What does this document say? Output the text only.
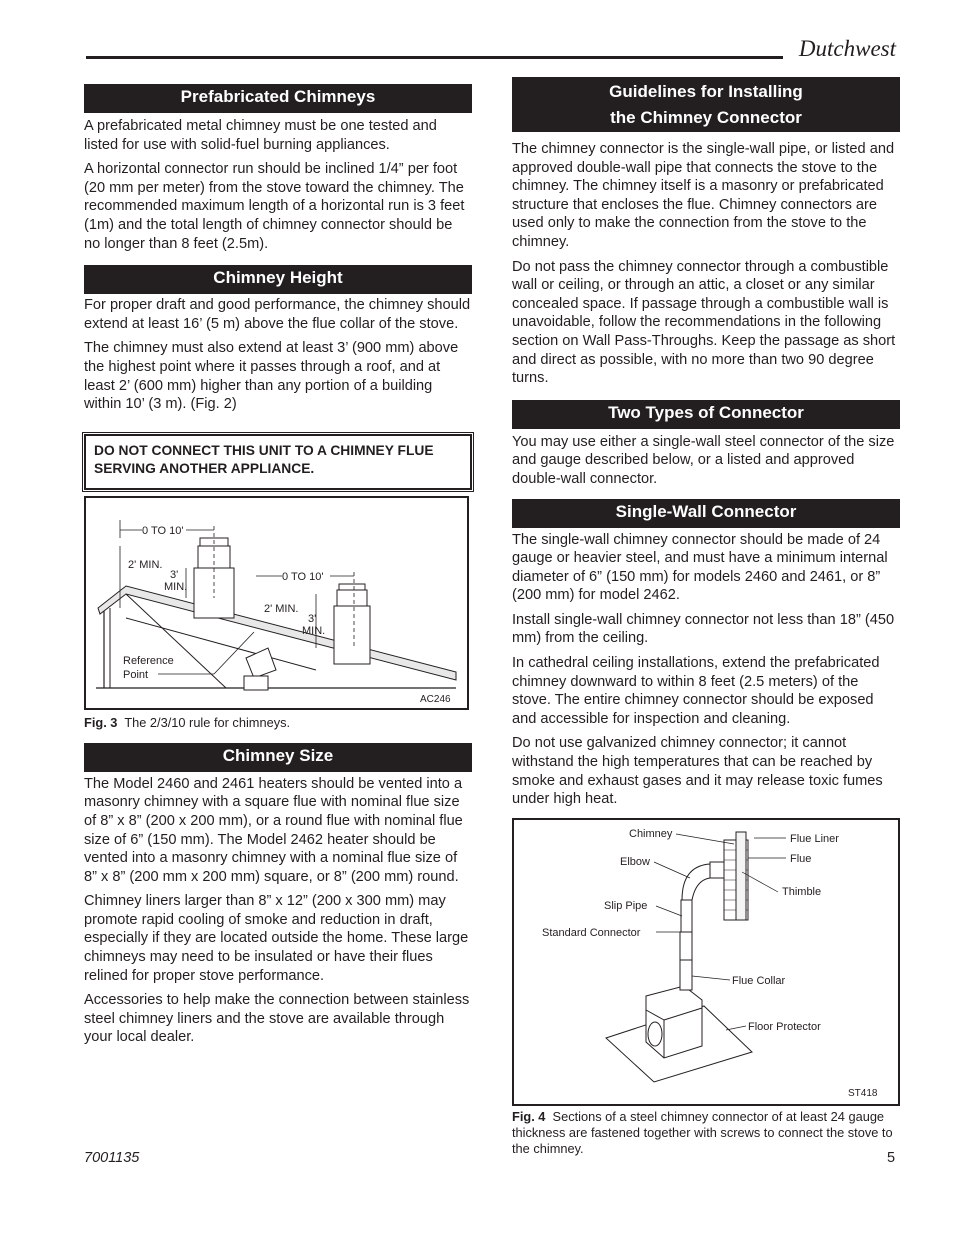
Dutchwest
Prefabricated Chimneys

A prefabricated metal chimney must be one tested and listed for use with solid-fuel burning appliances.

A horizontal connector run should be inclined 1/4” per foot (20 mm per meter) from the stove toward the chimney. The recommended maximum length of a horizontal run is 3 feet (1m) and the total length of chimney connector should be no longer than 8 feet (2.5m).

Chimney Height

For proper draft and good performance, the chimney should extend at least 16’ (5 m) above the flue collar of the stove.

The chimney must also extend at least 3’ (900 mm) above the highest point where it passes through a roof, and at least 2’ (600 mm) higher than any portion of a building within 10’ (3 m). (Fig. 2)

DO NOT CONNECT THIS UNIT TO A CHIMNEY FLUE SERVING ANOTHER APPLIANCE.
0 TO 10'
2' MIN.
3'
MIN.
0 TO 10'
2' MIN.
3'
MIN.
Reference
Point
AC246
Fig. 3 The 2/3/10 rule for chimneys.
Chimney Size

The Model 2460 and 2461 heaters should be vented into a masonry chimney with a square flue with nominal flue size of 8” x 8” (200 x 200 mm), or a round flue with nominal flue size of 6” (150 mm). The Model 2462 heater should be vented into a masonry chimney with a nominal flue size of 8” x 8” (200 mm x 200 mm) square, or 8” (200 mm) round.

Chimney liners larger than 8” x 12” (200 x 300 mm) may promote rapid cooling of smoke and reduction in draft, especially if they are located outside the home. These large chimneys may need to be insulated or have their flues relined for proper stove performance.

Accessories to help make the connection between stainless steel chimney liners and the stove are available through your local dealer.

Guidelines for Installing
the Chimney Connector

The chimney connector is the single-wall pipe, or listed and approved double-wall pipe that connects the stove to the chimney. The chimney itself is a masonry or prefabricated structure that encloses the flue. Chimney connectors are used only to make the connection from the stove to the chimney.

Do not pass the chimney connector through a combustible wall or ceiling, or through an attic, a closet or any similar concealed space. If passage through a combustible wall is unavoidable, follow the recommendations in the following section on Wall Pass-Throughs. Keep the passage as short and direct as possible, with no more than two 90 degree turns.

Two Types of Connector

You may use either a single-wall steel connector of the size and gauge described below, or a listed and approved double-wall connector.

Single-Wall Connector

The single-wall chimney connector should be made of 24 gauge or heavier steel, and must have a minimum internal diameter of 6” (150 mm) for models 2460 and 2461, or 8” (200 mm) for model 2462.

Install single-wall chimney connector not less than 18” (450 mm) from the ceiling.

In cathedral ceiling installations, extend the prefabricated chimney downward to within 8 feet (2.5 meters) of the stove. The entire chimney connector should be exposed and accessible for inspection and cleaning.

Do not use galvanized chimney connector; it cannot withstand the high temperatures that can be reached by smoke and exhaust gases and it may release toxic fumes under high heat.

Chimney	Flue Liner
Elbow	Flue
Thimble
Slip Pipe
Standard Connector
Flue Collar
Floor Protector
ST418
Fig. 4 Sections of a steel chimney connector of at least 24 gauge thickness are fastened together with screws to connect the stove to the chimney.
7001135	5
